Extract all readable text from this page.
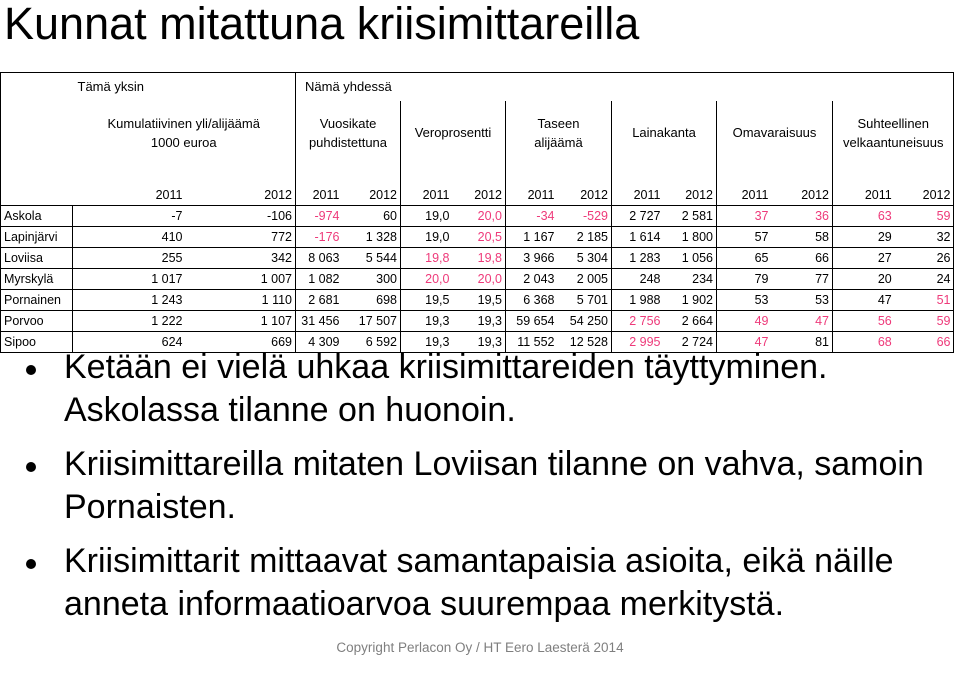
Kunnat mitattuna kriisimittareilla
	Tämä yksin		Nämä yhdessä											
	Kumulatiivinen yli/alijäämä 1000 euroa		Vuosikate puhdistettuna		Veroprosentti		Taseen alijäämä		Lainakanta		Omavaraisuus		Suhteellinen velkaantuneisuus	

	2011	2012	2011	2012	2011	2012	2011	2012	2011	2012	2011	2012	2011	2012
Askola	-7	-106	-974	60	19,0	20,0	-34	-529	2 727	2 581	37	36	63	59
Lapinjärvi	410	772	-176	1 328	19,0	20,5	1 167	2 185	1 614	1 800	57	58	29	32
Loviisa	255	342	8 063	5 544	19,8	19,8	3 966	5 304	1 283	1 056	65	66	27	26
Myrskylä	1 017	1 007	1 082	300	20,0	20,0	2 043	2 005	248	234	79	77	20	24
Pornainen	1 243	1 110	2 681	698	19,5	19,5	6 368	5 701	1 988	1 902	53	53	47	51
Porvoo	1 222	1 107	31 456	17 507	19,3	19,3	59 654	54 250	2 756	2 664	49	47	56	59
Sipoo	624	669	4 309	6 592	19,3	19,3	11 552	12 528	2 995	2 724	47	81	68	66
Ketään ei vielä uhkaa kriisimittareiden täyttyminen. Askolassa tilanne on huonoin.
Kriisimittareilla mitaten Loviisan tilanne on vahva, samoin Pornaisten.
Kriisimittarit mittaavat samantapaisia asioita, eikä näille anneta informaatioarvoa suurempaa merkitystä.
Copyright Perlacon Oy / HT Eero Laesterä 2014
